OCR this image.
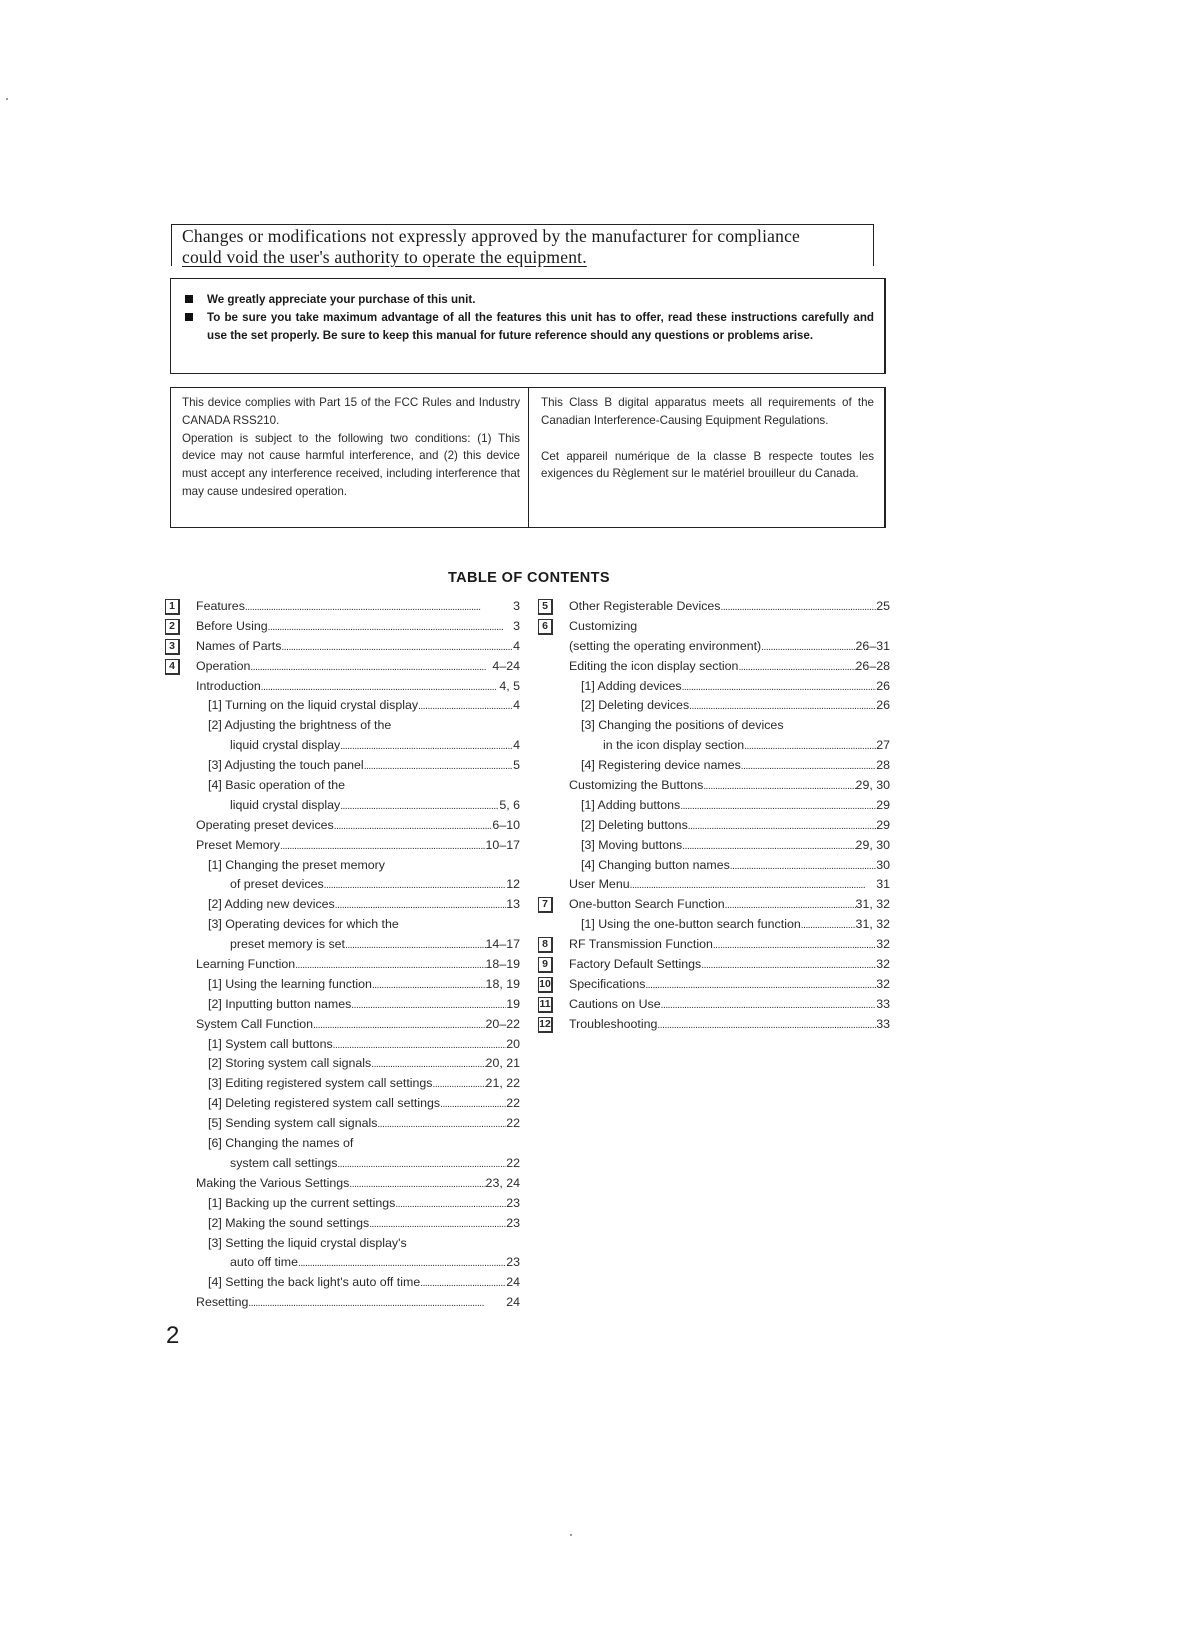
Changes or modifications not expressly approved by the manufacturer for compliance
could void the user's authority to operate the equipment.
We greatly appreciate your purchase of this unit.
To be sure you take maximum advantage of all the features this unit has to offer, read these instructions carefully and use the set properly. Be sure to keep this manual for future reference should any questions or problems arise.
This device complies with Part 15 of the FCC Rules and Industry CANADA RSS210.
Operation is subject to the following two conditions: (1) This device may not cause harmful interference, and (2) this device must accept any interference received, including interference that may cause undesired operation.
This Class B digital apparatus meets all requirements of the Canadian Interference-Causing Equipment Regulations.
Cet appareil numérique de la classe B respecte toutes les exigences du Règlement sur le matériel brouilleur du Canada.
TABLE OF CONTENTS
1	Features . . .	3
2	Before Using . . .	3
3	Names of Parts . . .	4
4	Operation . . .	4–24
Introduction . . .	4, 5
[1] Turning on the liquid crystal display . . .	4
[2] Adjusting the brightness of the
liquid crystal display . . .	4
[3] Adjusting the touch panel . . .	5
[4] Basic operation of the
liquid crystal display . . .	5, 6
Operating preset devices . . .	6–10
Preset Memory . . .	10–17
[1] Changing the preset memory
of preset devices . . .	12
[2] Adding new devices . . .	13
[3] Operating devices for which the
preset memory is set . . .	14–17
Learning Function . . .	18–19
[1] Using the learning function . . .	18, 19
[2] Inputting button names . . .	19
System Call Function . . .	20–22
[1] System call buttons . . .	20
[2] Storing system call signals . . .	20, 21
[3] Editing registered system call settings . . .	21, 22
[4] Deleting registered system call settings . . .	22
[5] Sending system call signals . . .	22
[6] Changing the names of
system call settings . . .	22
Making the Various Settings . . .	23, 24
[1] Backing up the current settings . . .	23
[2] Making the sound settings . . .	23
[3] Setting the liquid crystal display's
auto off time . . .	23
[4] Setting the back light's auto off time . . .	24
Resetting . . .	24
5	Other Registerable Devices . . .	25
6	Customizing
(setting the operating environment) . . .	26–31
Editing the icon display section . . .	26–28
[1] Adding devices . . .	26
[2] Deleting devices . . .	26
[3] Changing the positions of devices
in the icon display section . . .	27
[4] Registering device names . . .	28
Customizing the Buttons . . .	29, 30
[1] Adding buttons . . .	29
[2] Deleting buttons . . .	29
[3] Moving buttons . . .	29, 30
[4] Changing button names . . .	30
User Menu . . .	31
7	One-button Search Function . . .	31, 32
[1] Using the one-button search function . . .	31, 32
8	RF Transmission Function . . .	32
9	Factory Default Settings . . .	32
10 Specifications . . .	32
11 Cautions on Use . . .	33
12 Troubleshooting . . .	33
2
